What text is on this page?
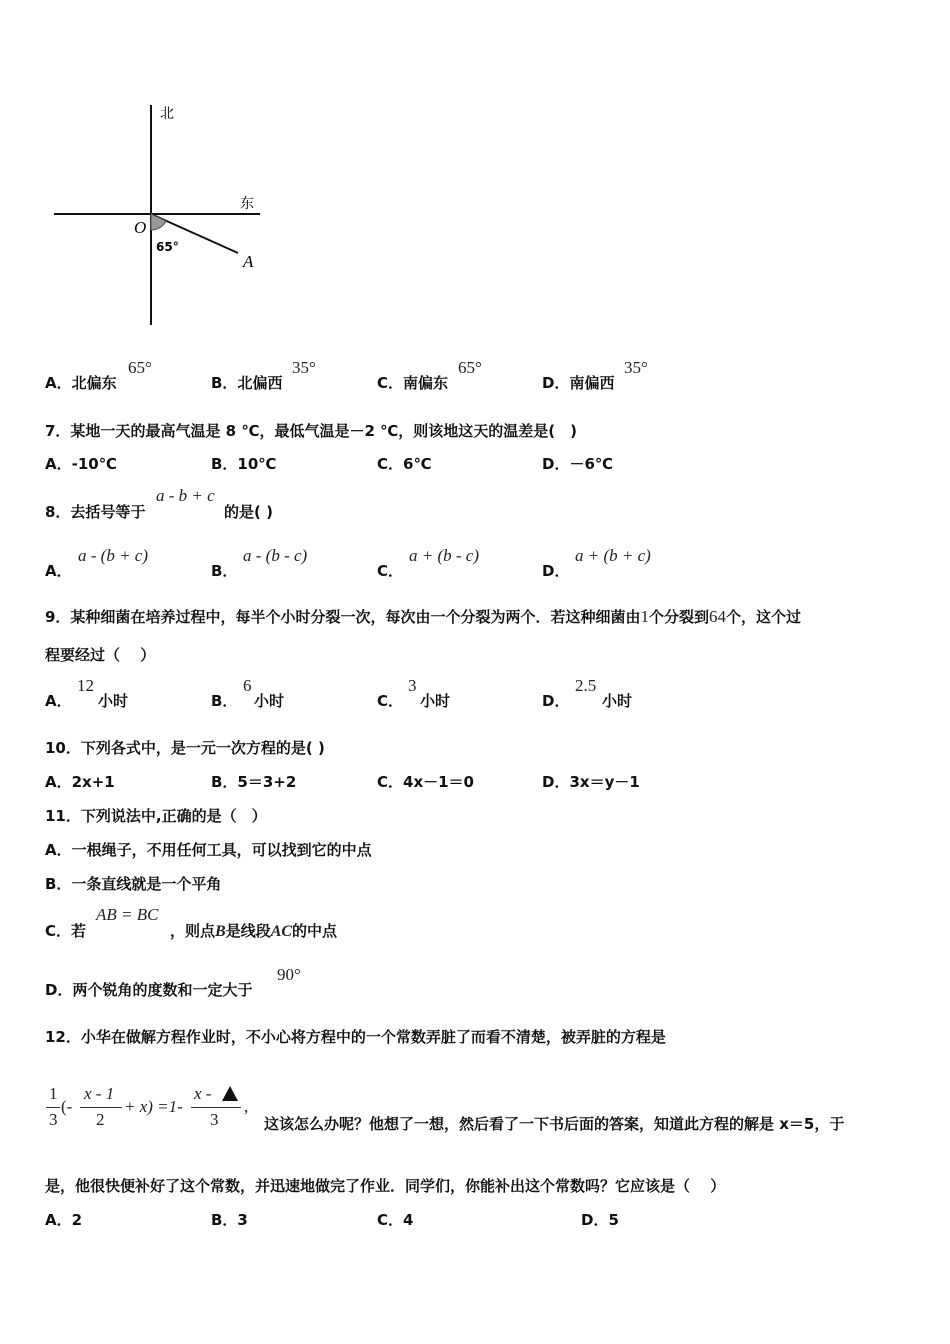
北
东
O
A
65°
A．北偏东
65°
B．北偏西
35°
C．南偏东
65°
D．南偏西
35°
7．某地一天的最高气温是 8 ℃，最低气温是－2 ℃，则该地这天的温差是(　)
A．-10℃	B．10℃	C．6℃	D．－6℃
8．去括号等于
a - b + c
的是( )
A．
a - (b + c)
B．
a - (b - c)
C．
a + (b - c)
D．
a + (b + c)
9．某种细菌在培养过程中，每半个小时分裂一次，每次由一个分裂为两个．若这种细菌由1个分裂到64个，这个过
程要经过（　 ）
A．
12
小时	B．
6
小时	C．
3
小时	D．
2.5
小时
10．下列各式中，是一元一次方程的是( )
A．2x+1	B．5＝3+2	C．4x－1＝0	D．3x＝y－1
11．下列说法中,正确的是（　）
A．一根绳子，不用任何工具，可以找到它的中点
B．一条直线就是一个平角
C．若
AB = BC
，则点B是线段AC的中点
D．两个锐角的度数和一定大于
90°
12．小华在做解方程作业时，不小心将方程中的一个常数弄脏了而看不清楚，被弄脏的方程是
1
3
(-
x - 1
2
+ x) =1-
x -
3
,
这该怎么办呢？他想了一想，然后看了一下书后面的答案，知道此方程的解是 x＝5，于
是，他很快便补好了这个常数，并迅速地做完了作业．同学们，你能补出这个常数吗？它应该是（　 ）
A．2	B．3	C．4	D．5
